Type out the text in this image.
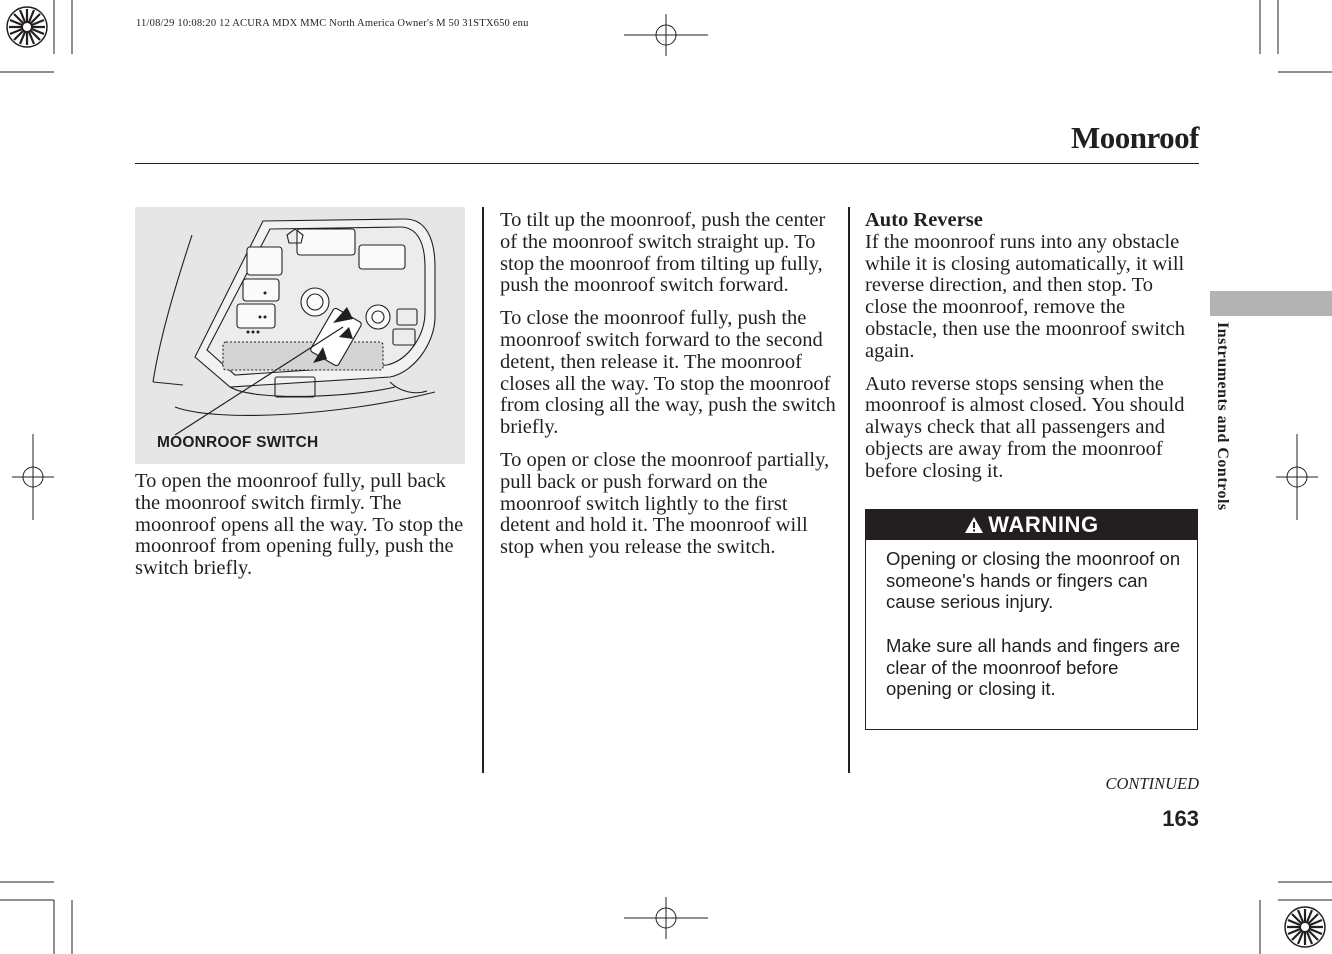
11/08/29 10:08:20 12 ACURA MDX MMC North America Owner's M 50 31STX650 enu
Moonroof
MOONROOF SWITCH

To open the moonroof fully, pull back the moonroof switch firmly. The moonroof opens all the way. To stop the moonroof from opening fully, push the switch briefly.

To tilt up the moonroof, push the center of the moonroof switch straight up. To stop the moonroof from tilting up fully, push the moonroof switch forward.

To close the moonroof fully, push the moonroof switch forward to the second detent, then release it. The moonroof closes all the way. To stop the moonroof from closing all the way, push the switch briefly.

To open or close the moonroof partially, pull back or push forward on the moonroof switch lightly to the first detent and hold it. The moonroof will stop when you release the switch.

Auto Reverse

If the moonroof runs into any obstacle while it is closing automatically, it will reverse direction, and then stop. To close the moonroof, remove the obstacle, then use the moonroof switch again.

Auto reverse stops sensing when the moonroof is almost closed. You should always check that all passengers and objects are away from the moonroof before closing it.

WARNING

Opening or closing the moonroof on someone's hands or fingers can cause serious injury.

Make sure all hands and fingers are clear of the moonroof before opening or closing it.

Instruments and Controls
CONTINUED
163
